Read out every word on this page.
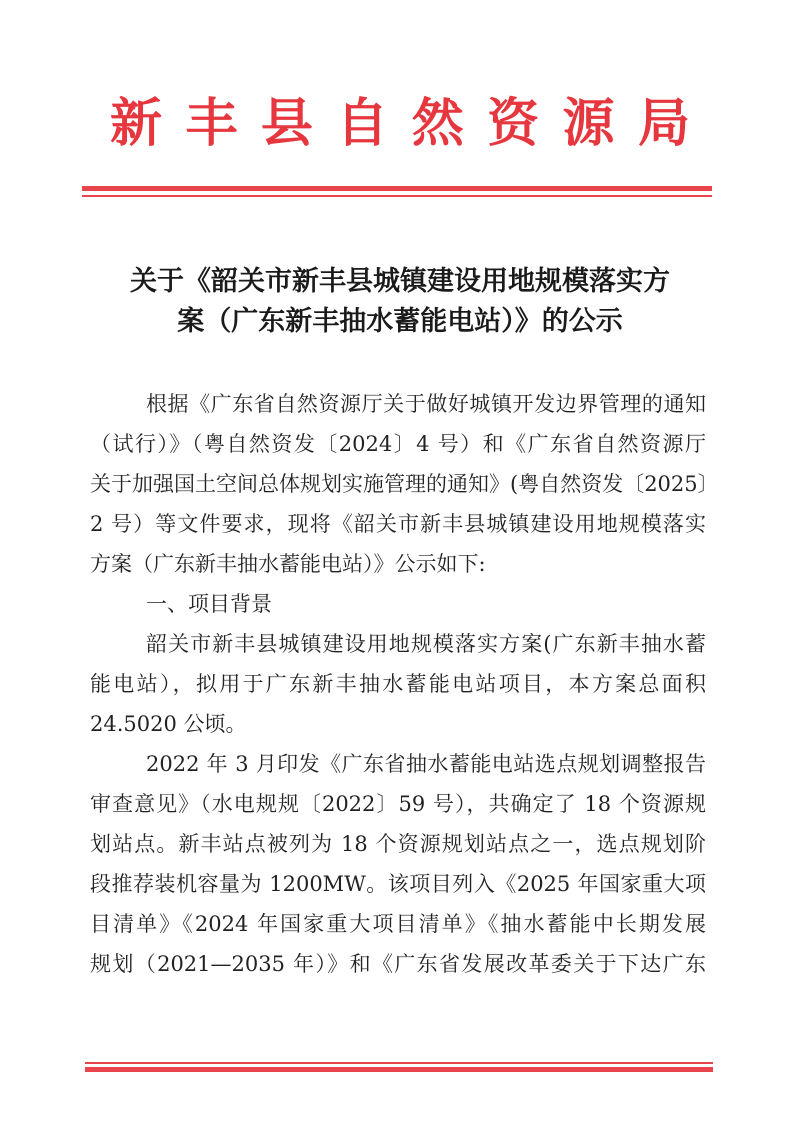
新 丰 县 自 然 资 源 局
关于《韶关市新丰县城镇建设用地规模落实方
案（广东新丰抽水蓄能电站）》的公示
根据《广东省自然资源厅关于做好城镇开发边界管理的通知
（试行）》（粤自然资发〔2024〕4 号）和《广东省自然资源厅
关于加强国土空间总体规划实施管理的通知》(粤自然资发〔2025〕
2 号）等文件要求，现将《韶关市新丰县城镇建设用地规模落实
方案（广东新丰抽水蓄能电站）》公示如下:
一、项目背景
韶关市新丰县城镇建设用地规模落实方案(广东新丰抽水蓄
能电站），拟用于广东新丰抽水蓄能电站项目，本方案总面积
24.5020 公顷。
2022 年 3 月印发《广东省抽水蓄能电站选点规划调整报告
审查意见》（水电规规〔2022〕59 号），共确定了 18 个资源规
划站点。新丰站点被列为 18 个资源规划站点之一，选点规划阶
段推荐装机容量为 1200MW。该项目列入《2025 年国家重大项
目清单》《2024 年国家重大项目清单》《抽水蓄能中长期发展
规划（2021—2035 年）》和《广东省发展改革委关于下达广东
